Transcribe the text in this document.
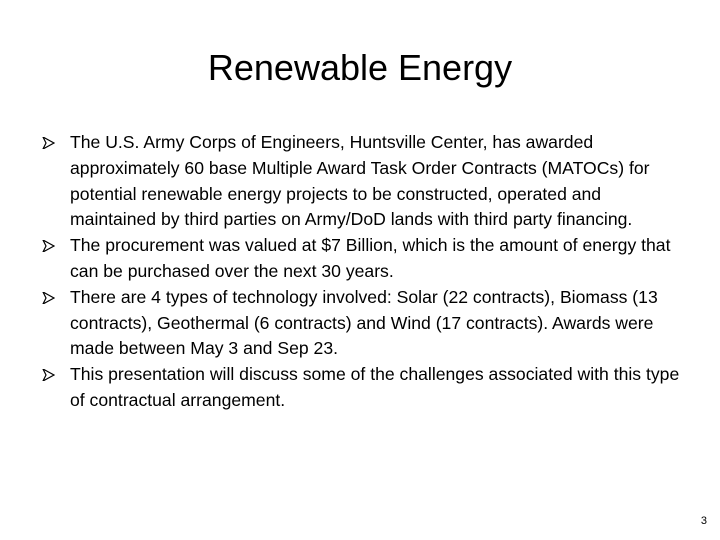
Renewable Energy
The U.S. Army Corps of Engineers, Huntsville Center, has awarded approximately 60 base Multiple Award Task Order Contracts (MATOCs) for potential renewable energy projects to be constructed, operated and maintained by third parties on Army/DoD lands with third party financing.
The procurement was valued at $7 Billion, which is the amount of energy that can be purchased over the next 30 years.
There are 4 types of technology involved: Solar (22 contracts), Biomass (13 contracts), Geothermal (6 contracts) and Wind (17 contracts). Awards were made between May 3 and Sep 23.
This presentation will discuss some of the challenges associated with this type of contractual arrangement.
3
